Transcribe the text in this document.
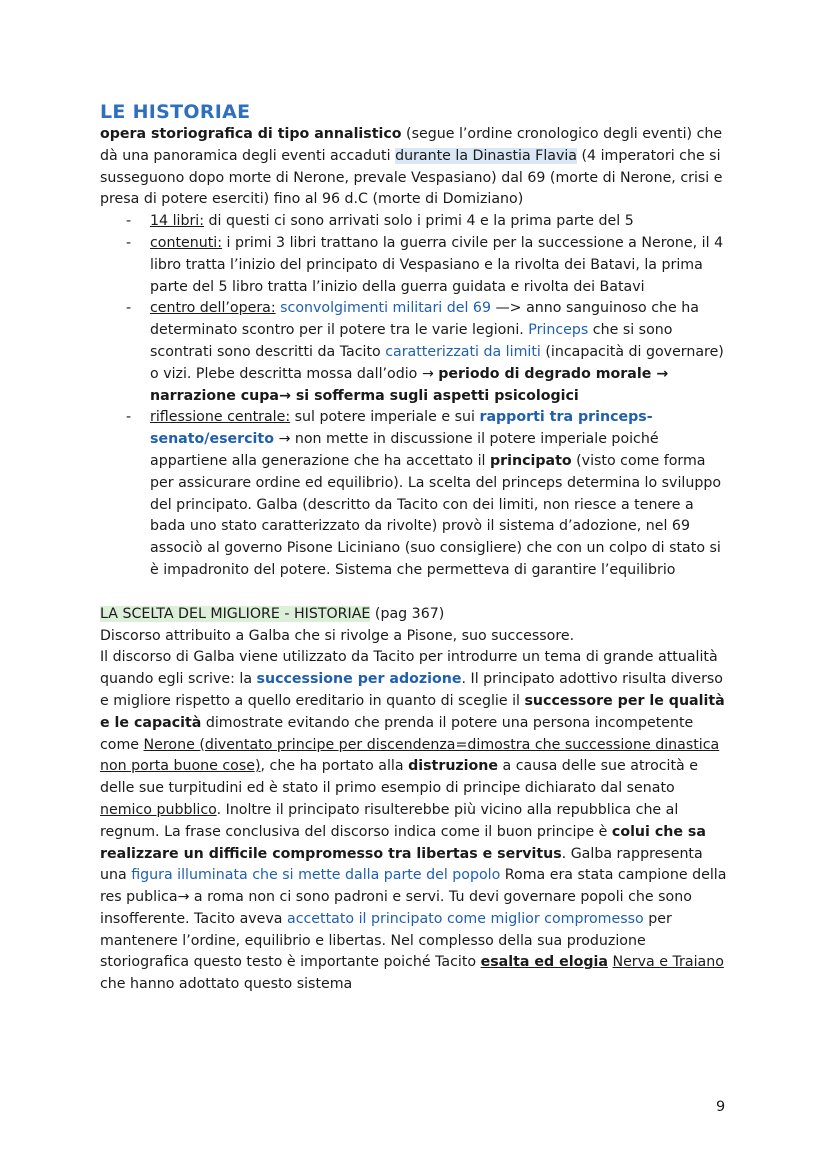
LE HISTORIAE

opera storiografica di tipo annalistico (segue l’ordine cronologico degli eventi) che dà una panoramica degli eventi accaduti durante la Dinastia Flavia (4 imperatori che si susseguono dopo morte di Nerone, prevale Vespasiano) dal 69 (morte di Nerone, crisi e presa di potere eserciti) fino al 96 d.C (morte di Domiziano)

- 14 libri: di questi ci sono arrivati solo i primi 4 e la prima parte del 5
- contenuti: i primi 3 libri trattano la guerra civile per la successione a Nerone, il 4 libro tratta l’inizio del principato di Vespasiano e la rivolta dei Batavi, la prima parte del 5 libro tratta l’inizio della guerra guidata e rivolta dei Batavi
- centro dell’opera: sconvolgimenti militari del 69 —> anno sanguinoso che ha determinato scontro per il potere tra le varie legioni. Princeps che si sono scontrati sono descritti da Tacito caratterizzati da limiti (incapacità di governare) o vizi. Plebe descritta mossa dall’odio → periodo di degrado morale → narrazione cupa→ si sofferma sugli aspetti psicologici
- riflessione centrale: sul potere imperiale e sui rapporti tra princeps-senato/esercito → non mette in discussione il potere imperiale poiché appartiene alla generazione che ha accettato il principato (visto come forma per assicurare ordine ed equilibrio). La scelta del princeps determina lo sviluppo del principato. Galba (descritto da Tacito con dei limiti, non riesce a tenere a bada uno stato caratterizzato da rivolte) provò il sistema d’adozione, nel 69 associò al governo Pisone Liciniano (suo consigliere) che con un colpo di stato si è impadronito del potere. Sistema che permetteva di garantire l’equilibrio

LA SCELTA DEL MIGLIORE - HISTORIAE (pag 367)

Discorso attribuito a Galba che si rivolge a Pisone, suo successore.

Il discorso di Galba viene utilizzato da Tacito per introdurre un tema di grande attualità quando egli scrive: la successione per adozione. Il principato adottivo risulta diverso e migliore rispetto a quello ereditario in quanto di sceglie il successore per le qualità e le capacità dimostrate evitando che prenda il potere una persona incompetente come Nerone (diventato principe per discendenza=dimostra che successione dinastica non porta buone cose), che ha portato alla distruzione a causa delle sue atrocità e delle sue turpitudini ed è stato il primo esempio di principe dichiarato dal senato nemico pubblico. Inoltre il principato risulterebbe più vicino alla repubblica che al regnum. La frase conclusiva del discorso indica come il buon principe è colui che sa realizzare un difficile compromesso tra libertas e servitus. Galba rappresenta una figura illuminata che si mette dalla parte del popolo Roma era stata campione della res publica→ a roma non ci sono padroni e servi. Tu devi governare popoli che sono insofferente. Tacito aveva accettato il principato come miglior compromesso per mantenere l’ordine, equilibrio e libertas. Nel complesso della sua produzione storiografica questo testo è importante poiché Tacito esalta ed elogia Nerva e Traiano che hanno adottato questo sistema

9
